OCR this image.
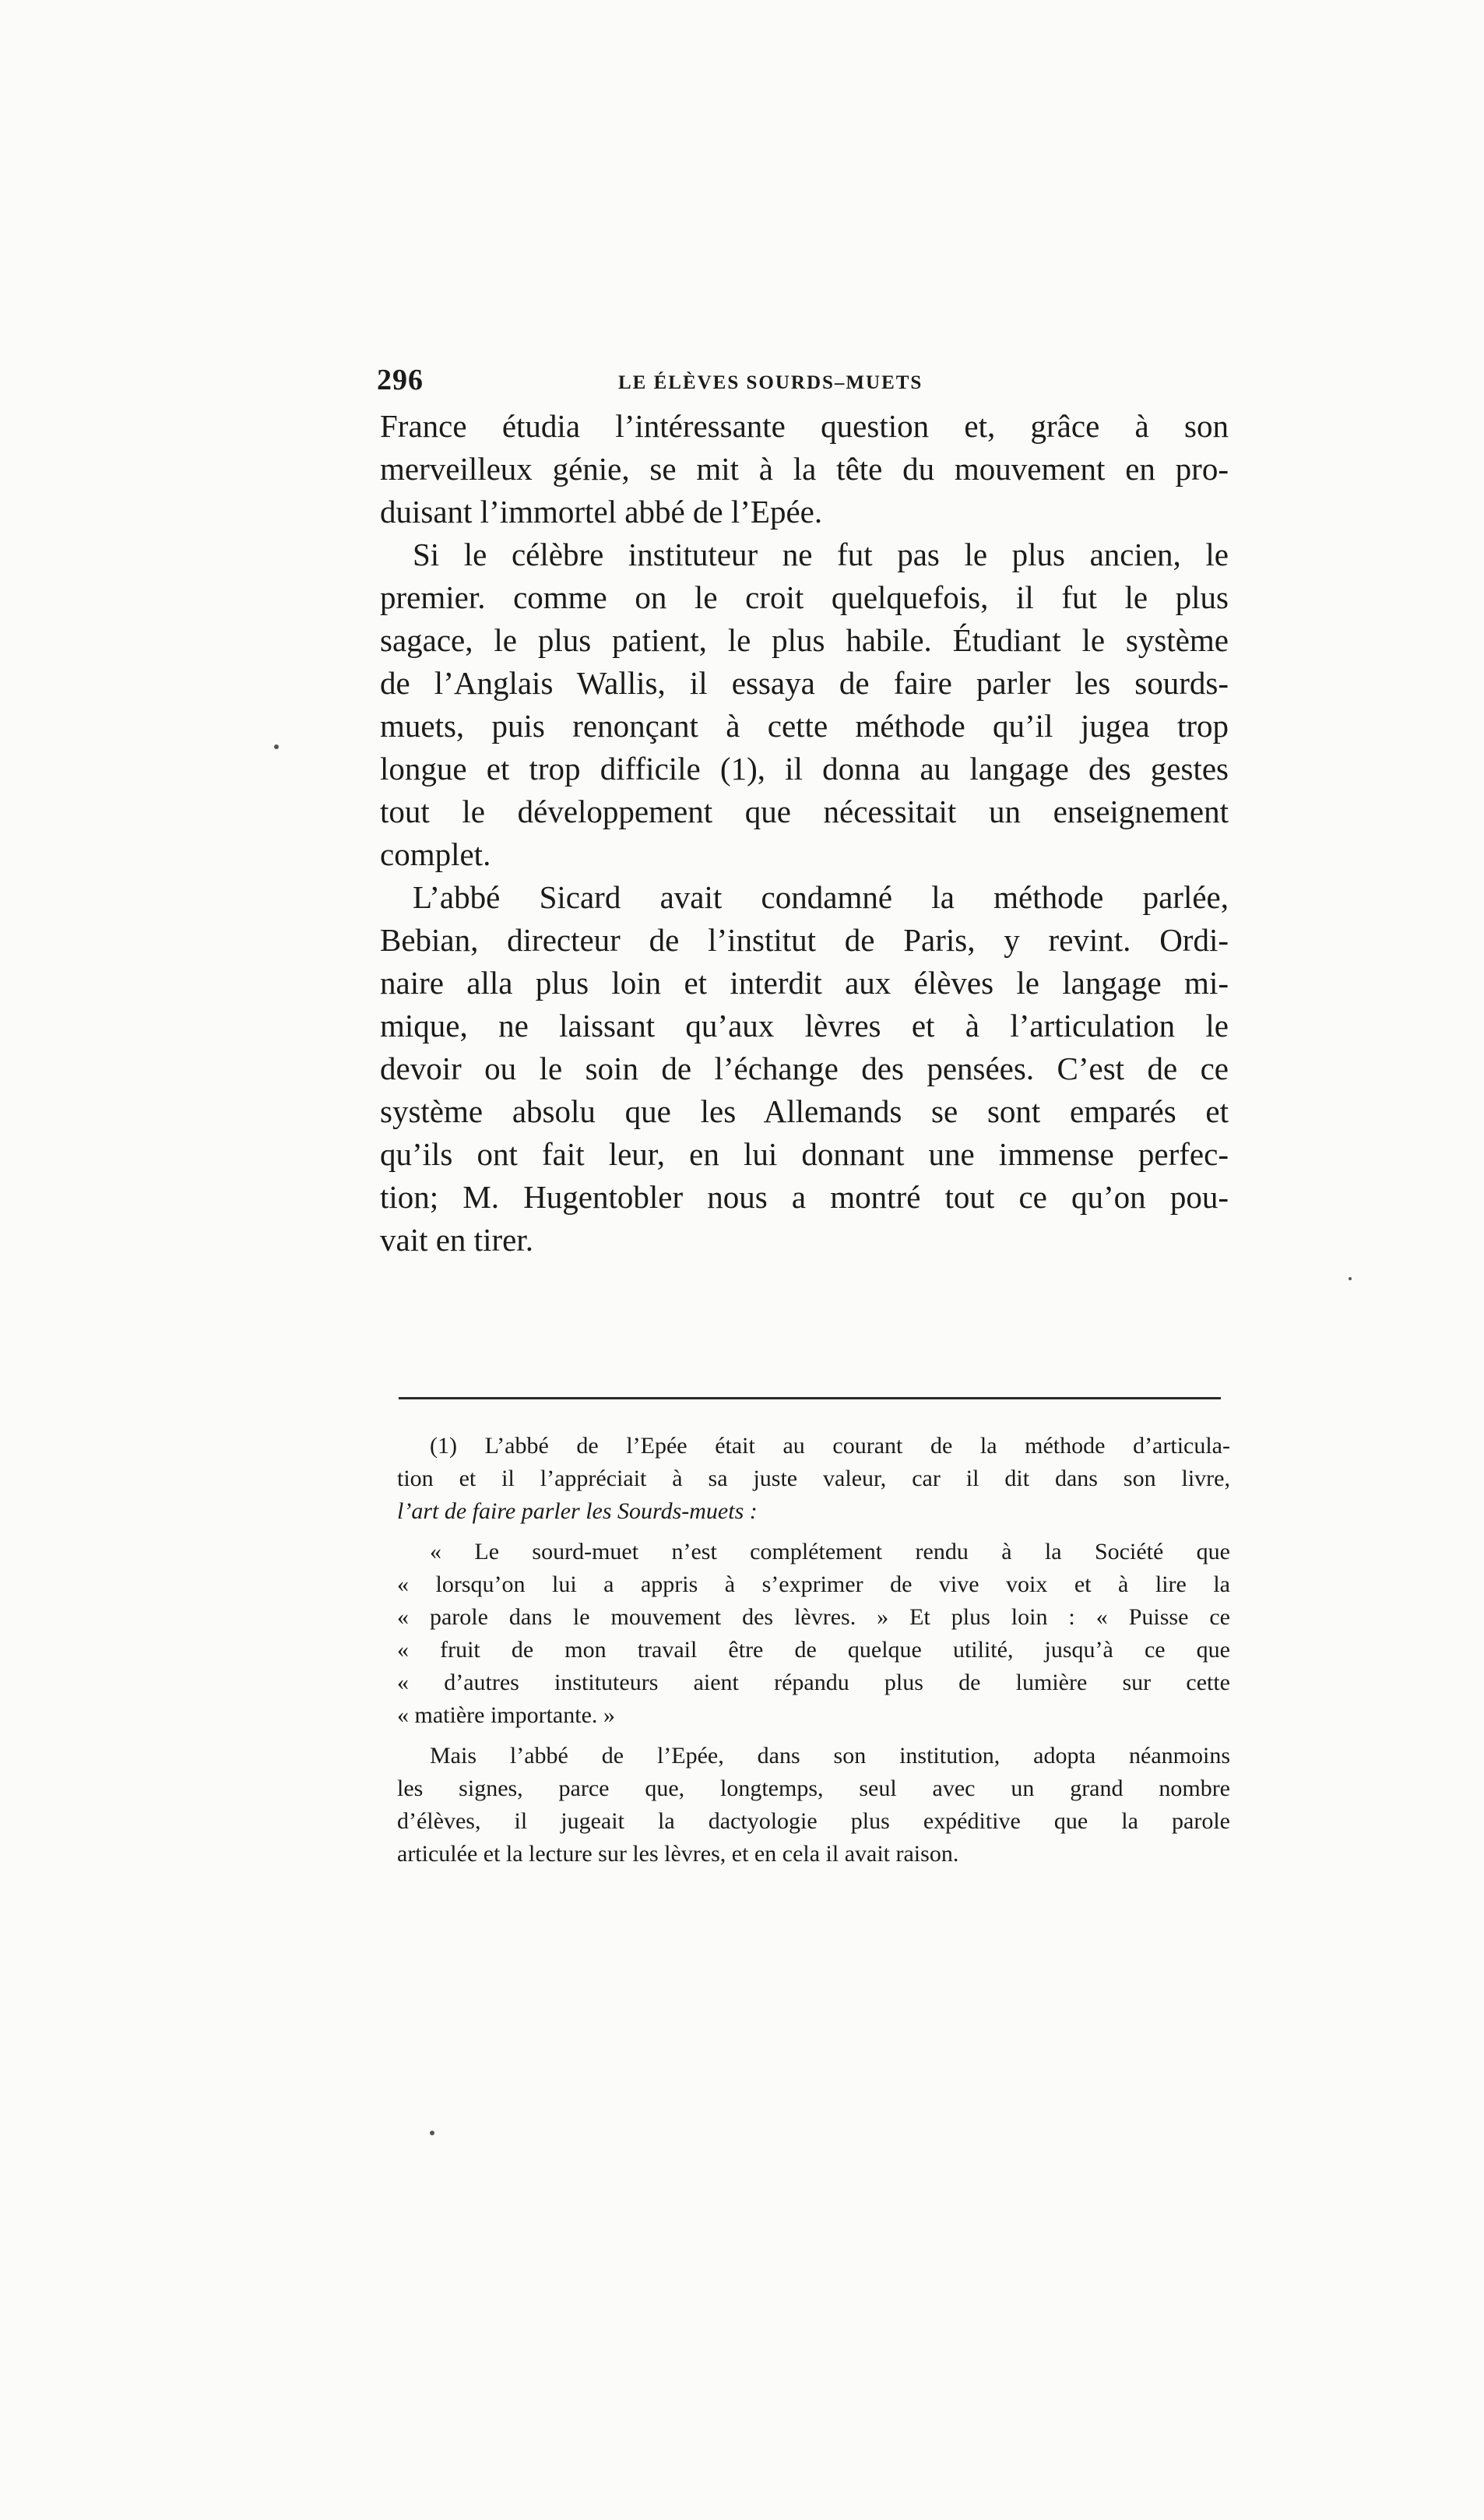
296	LE ÉLÈVES SOURDS–MUETS
France étudia l’intéressante question et, grâce à son
merveilleux génie, se mit à la tête du mouvement en pro-
duisant l’immortel abbé de l’Epée.
Si le célèbre instituteur ne fut pas le plus ancien, le
premier. comme on le croit quelquefois, il fut le plus
sagace, le plus patient, le plus habile. Étudiant le système
de l’Anglais Wallis, il essaya de faire parler les sourds-
muets, puis renonçant à cette méthode qu’il jugea trop
longue et trop difficile (1), il donna au langage des gestes
tout le développement que nécessitait un enseignement
complet.
L’abbé Sicard avait condamné la méthode parlée,
Bebian, directeur de l’institut de Paris, y revint. Ordi-
naire alla plus loin et interdit aux élèves le langage mi-
mique, ne laissant qu’aux lèvres et à l’articulation le
devoir ou le soin de l’échange des pensées. C’est de ce
système absolu que les Allemands se sont emparés et
qu’ils ont fait leur, en lui donnant une immense perfec-
tion; M. Hugentobler nous a montré tout ce qu’on pou-
vait en tirer.
(1) L’abbé de l’Epée était au courant de la méthode d’articula-
tion et il l’appréciait à sa juste valeur, car il dit dans son livre,
l’art de faire parler les Sourds-muets :
« Le sourd-muet n’est complétement rendu à la Société que
« lorsqu’on lui a appris à s’exprimer de vive voix et à lire la
« parole dans le mouvement des lèvres. » Et plus loin : « Puisse ce
« fruit de mon travail être de quelque utilité, jusqu’à ce que
« d’autres instituteurs aient répandu plus de lumière sur cette
« matière importante. »
Mais l’abbé de l’Epée, dans son institution, adopta néanmoins
les signes, parce que, longtemps, seul avec un grand nombre
d’élèves, il jugeait la dactyologie plus expéditive que la parole
articulée et la lecture sur les lèvres, et en cela il avait raison.
